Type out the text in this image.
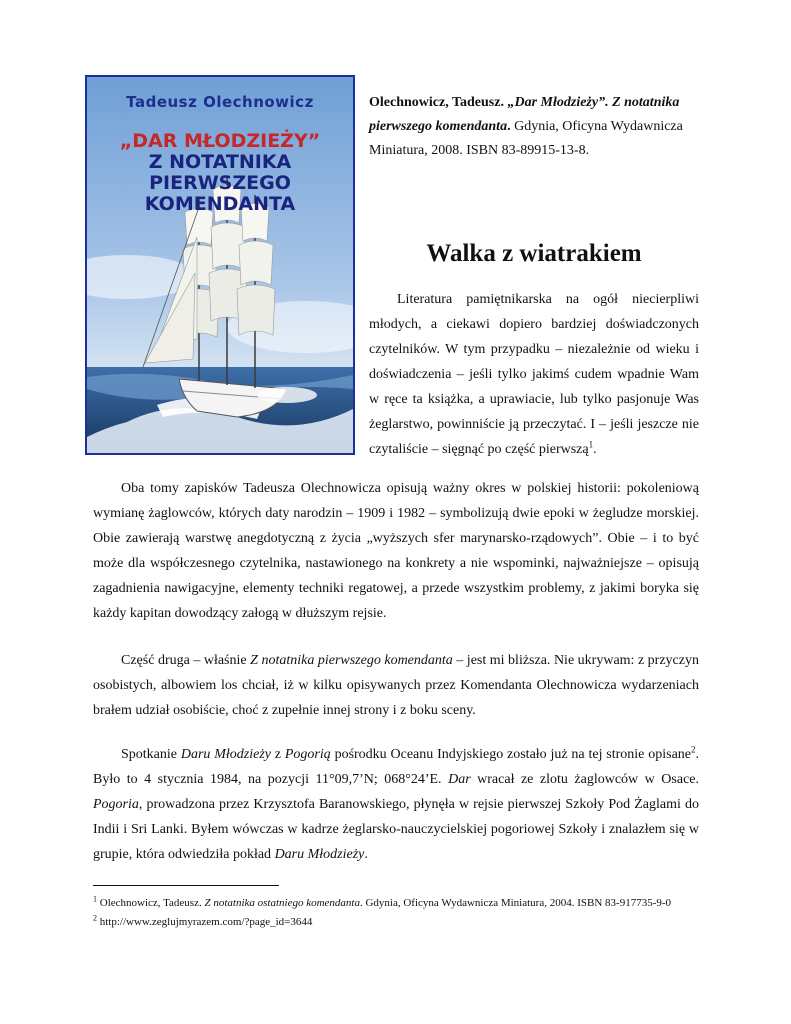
Tadeusz Olechnowicz
„DAR MŁODZIEŻY”
Z NOTATNIKA
PIERWSZEGO
KOMENDANTA
Olechnowicz, Tadeusz. „Dar Młodzieży”. Z notatnika pierwszego komendanta. Gdynia, Oficyna Wydawnicza Miniatura, 2008. ISBN 83-89915-13-8.
Walka z wiatrakiem

Literatura pamiętnikarska na ogół niecierpliwi młodych, a ciekawi dopiero bardziej doświadczonych czytelników. W tym przypadku – niezależnie od wieku i doświadczenia – jeśli tylko jakimś cudem wpadnie Wam w ręce ta książka, a uprawiacie, lub tylko pasjonuje Was żeglarstwo, powinniście ją przeczytać. I – jeśli jeszcze nie czytaliście – sięgnąć po część pierwszą$^1$.

Oba tomy zapisków Tadeusza Olechnowicza opisują ważny okres w polskiej historii: pokoleniową wymianę żaglowców, których daty narodzin – 1909 i 1982 – symbolizują dwie epoki w żegludze morskiej. Obie zawierają warstwę anegdotyczną z życia „wyższych sfer marynarsko-rządowych”. Obie – i to być może dla współczesnego czytelnika, nastawionego na konkrety a nie wspominki, najważniejsze – opisują zagadnienia nawigacyjne, elementy techniki regatowej, a przede wszystkim problemy, z jakimi boryka się każdy kapitan dowodzący załogą w dłuższym rejsie.

Część druga – właśnie Z notatnika pierwszego komendanta – jest mi bliższa. Nie ukrywam: z przyczyn osobistych, albowiem los chciał, iż w kilku opisywanych przez Komendanta Olechnowicza wydarzeniach brałem udział osobiście, choć z zupełnie innej strony i z boku sceny.

Spotkanie Daru Młodzieży z Pogorią pośrodku Oceanu Indyjskiego zostało już na tej stronie opisane$^2$. Było to 4 stycznia 1984, na pozycji 11°09,7’N; 068°24’E. Dar wracał ze zlotu żaglowców w Osace. Pogoria, prowadzona przez Krzysztofa Baranowskiego, płynęła w rejsie pierwszej Szkoły Pod Żaglami do Indii i Sri Lanki. Byłem wówczas w kadrze żeglarsko-nauczycielskiej pogoriowej Szkoły i znalazłem się w grupie, która odwiedziła pokład Daru Młodzieży.

$^1$ Olechnowicz, Tadeusz. Z notatnika ostatniego komendanta. Gdynia, Oficyna Wydawnicza Miniatura, 2004. ISBN 83-917735-9-0
$^2$ http://www.zeglujmyrazem.com/?page_id=3644
